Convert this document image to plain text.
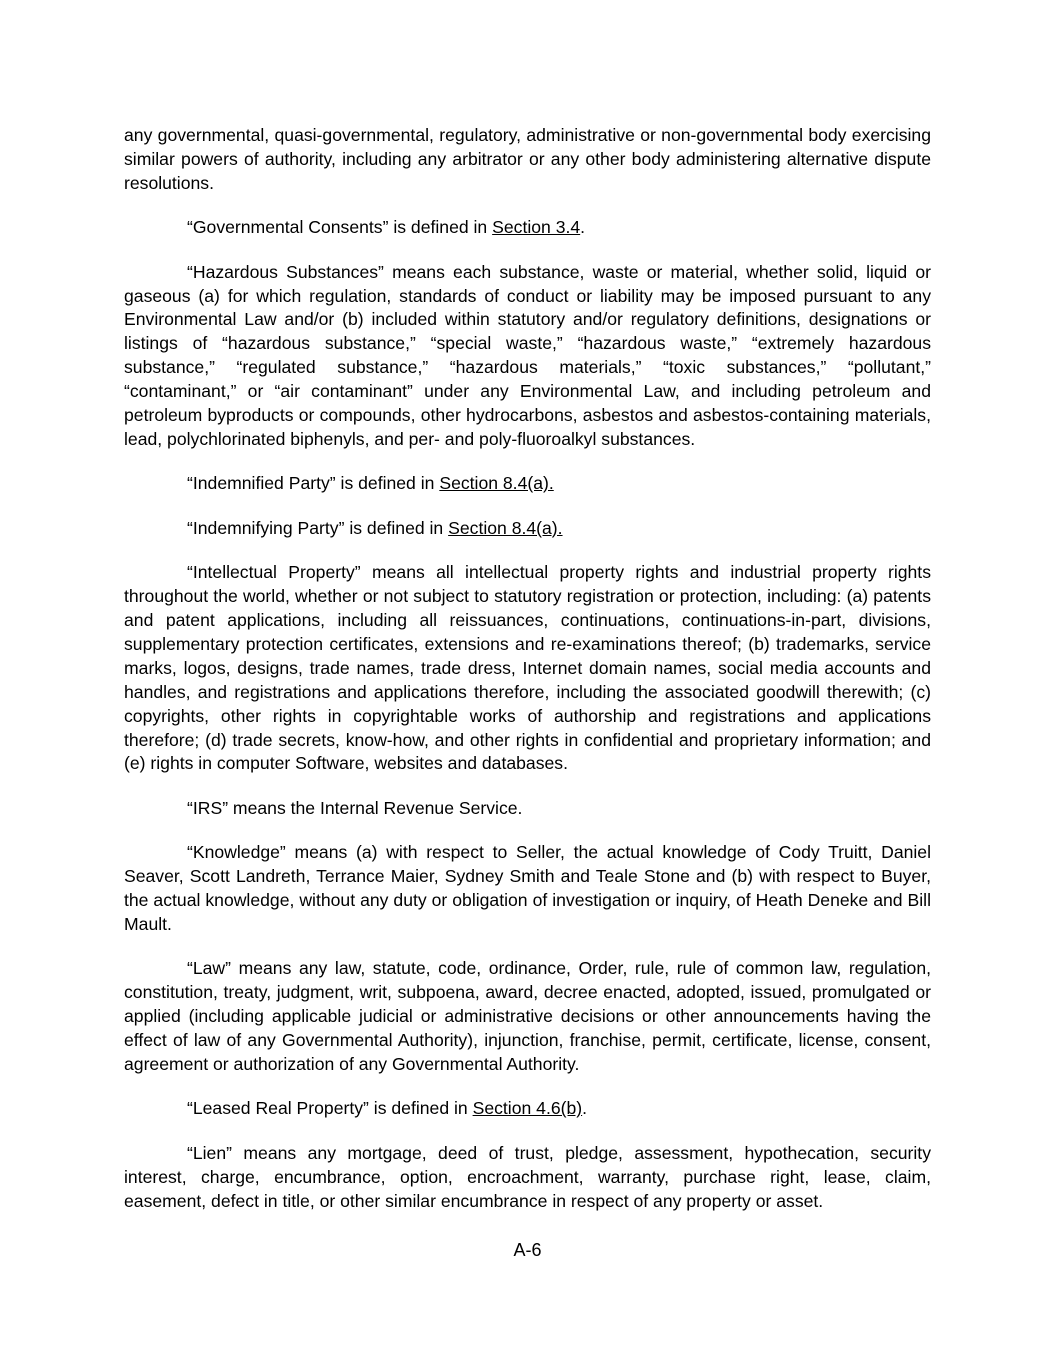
any governmental, quasi-governmental, regulatory, administrative or non-governmental body exercising similar powers of authority, including any arbitrator or any other body administering alternative dispute resolutions.

“Governmental Consents” is defined in Section 3.4.

“Hazardous Substances” means each substance, waste or material, whether solid, liquid or gaseous (a) for which regulation, standards of conduct or liability may be imposed pursuant to any Environmental Law and/or (b) included within statutory and/or regulatory definitions, designations or listings of “hazardous substance,” “special waste,” “hazardous waste,” “extremely hazardous substance,” “regulated substance,” “hazardous materials,” “toxic substances,” “pollutant,” “contaminant,” or “air contaminant” under any Environmental Law, and including petroleum and petroleum byproducts or compounds, other hydrocarbons, asbestos and asbestos-containing materials, lead, polychlorinated biphenyls, and per- and poly-fluoroalkyl substances.

“Indemnified Party” is defined in Section 8.4(a).

“Indemnifying Party” is defined in Section 8.4(a).

“Intellectual Property” means all intellectual property rights and industrial property rights throughout the world, whether or not subject to statutory registration or protection, including: (a) patents and patent applications, including all reissuances, continuations, continuations-in-part, divisions, supplementary protection certificates, extensions and re-examinations thereof; (b) trademarks, service marks, logos, designs, trade names, trade dress, Internet domain names, social media accounts and handles, and registrations and applications therefore, including the associated goodwill therewith; (c) copyrights, other rights in copyrightable works of authorship and registrations and applications therefore; (d) trade secrets, know-how, and other rights in confidential and proprietary information; and (e) rights in computer Software, websites and databases.

“IRS” means the Internal Revenue Service.

“Knowledge” means (a) with respect to Seller, the actual knowledge of Cody Truitt, Daniel Seaver, Scott Landreth, Terrance Maier, Sydney Smith and Teale Stone and (b) with respect to Buyer, the actual knowledge, without any duty or obligation of investigation or inquiry, of Heath Deneke and Bill Mault.

“Law” means any law, statute, code, ordinance, Order, rule, rule of common law, regulation, constitution, treaty, judgment, writ, subpoena, award, decree enacted, adopted, issued, promulgated or applied (including applicable judicial or administrative decisions or other announcements having the effect of law of any Governmental Authority), injunction, franchise, permit, certificate, license, consent, agreement or authorization of any Governmental Authority.

“Leased Real Property” is defined in Section 4.6(b).

“Lien” means any mortgage, deed of trust, pledge, assessment, hypothecation, security interest, charge, encumbrance, option, encroachment, warranty, purchase right, lease, claim, easement, defect in title, or other similar encumbrance in respect of any property or asset.

A-6
